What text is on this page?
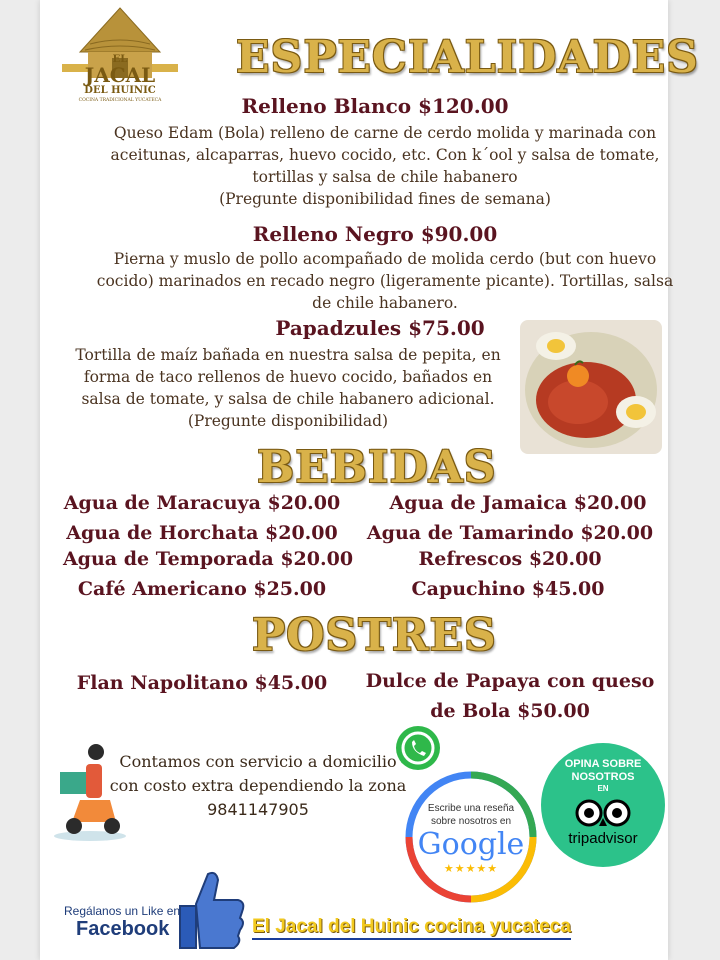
EL
JACAL
DEL HUINIC
COCINA TRADICIONAL YUCATECA
ESPECIALIDADES
Relleno Blanco $120.00
Queso Edam (Bola) relleno de carne de cerdo molida y marinada con
aceitunas, alcaparras, huevo cocido, etc. Con k´ool y salsa de tomate,
tortillas y salsa de chile habanero
(Pregunte disponibilidad fines de semana)
Relleno Negro $90.00
Pierna y muslo de pollo acompañado de molida cerdo (but con huevo
cocido) marinados en recado negro (ligeramente picante). Tortillas, salsa
de chile habanero.
Papadzules $75.00
Tortilla de maíz bañada en nuestra salsa de pepita, en
forma de taco rellenos de huevo cocido, bañados en
salsa de tomate, y salsa de chile habanero adicional.
(Pregunte disponibilidad)
BEBIDAS
Agua de Maracuya $20.00	Agua de Jamaica $20.00
Agua de Horchata $20.00	Agua de Tamarindo $20.00
Agua de Temporada $20.00	Refrescos $20.00
Café Americano $25.00	Capuchino $45.00
POSTRES
Flan Napolitano $45.00	Dulce de Papaya con queso
de Bola $50.00
Contamos con servicio a domicilio
con costo extra dependiendo la zona
9841147905	Escribe una reseña
sobre nosotros en
Google
★★★★★
OPINA SOBRE
NOSOTROS
EN
tripadvisor
Regálanos un Like en
Facebook	El Jacal del Huinic cocina yucateca
